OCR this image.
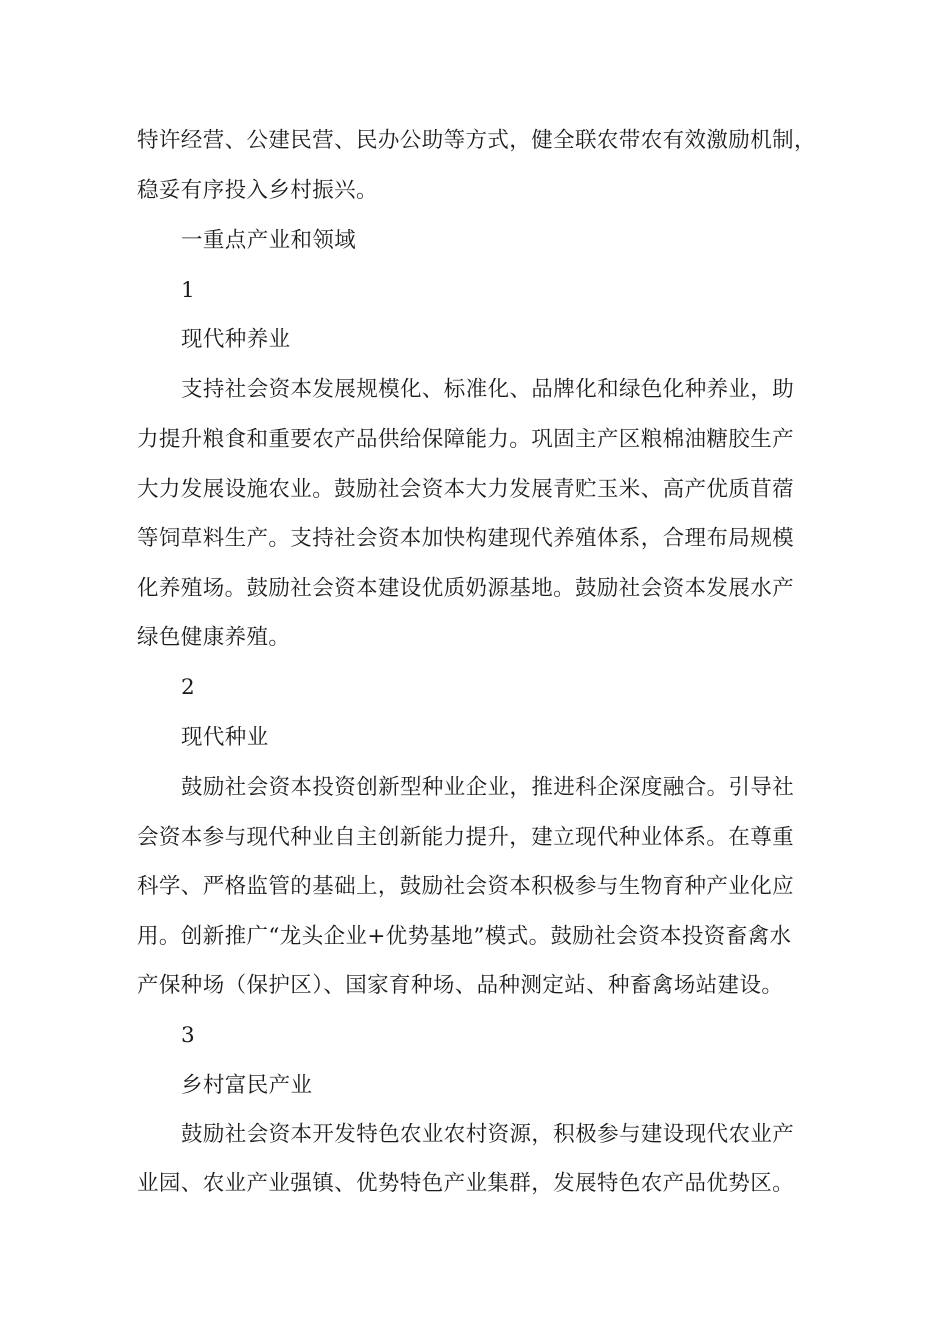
特许经营、公建民营、民办公助等方式，健全联农带农有效激励机制，
稳妥有序投入乡村振兴。
一重点产业和领域
1
现代种养业
支持社会资本发展规模化、标准化、品牌化和绿色化种养业，助
力提升粮食和重要农产品供给保障能力。巩固主产区粮棉油糖胶生产
大力发展设施农业。鼓励社会资本大力发展青贮玉米、高产优质苜蓿
等饲草料生产。支持社会资本加快构建现代养殖体系，合理布局规模
化养殖场。鼓励社会资本建设优质奶源基地。鼓励社会资本发展水产
绿色健康养殖。
2
现代种业
鼓励社会资本投资创新型种业企业，推进科企深度融合。引导社
会资本参与现代种业自主创新能力提升，建立现代种业体系。在尊重
科学、严格监管的基础上，鼓励社会资本积极参与生物育种产业化应
用。创新推广“龙头企业+优势基地”模式。鼓励社会资本投资畜禽水
产保种场（保护区）、国家育种场、品种测定站、种畜禽场站建设。
3
乡村富民产业
鼓励社会资本开发特色农业农村资源，积极参与建设现代农业产
业园、农业产业强镇、优势特色产业集群，发展特色农产品优势区。
